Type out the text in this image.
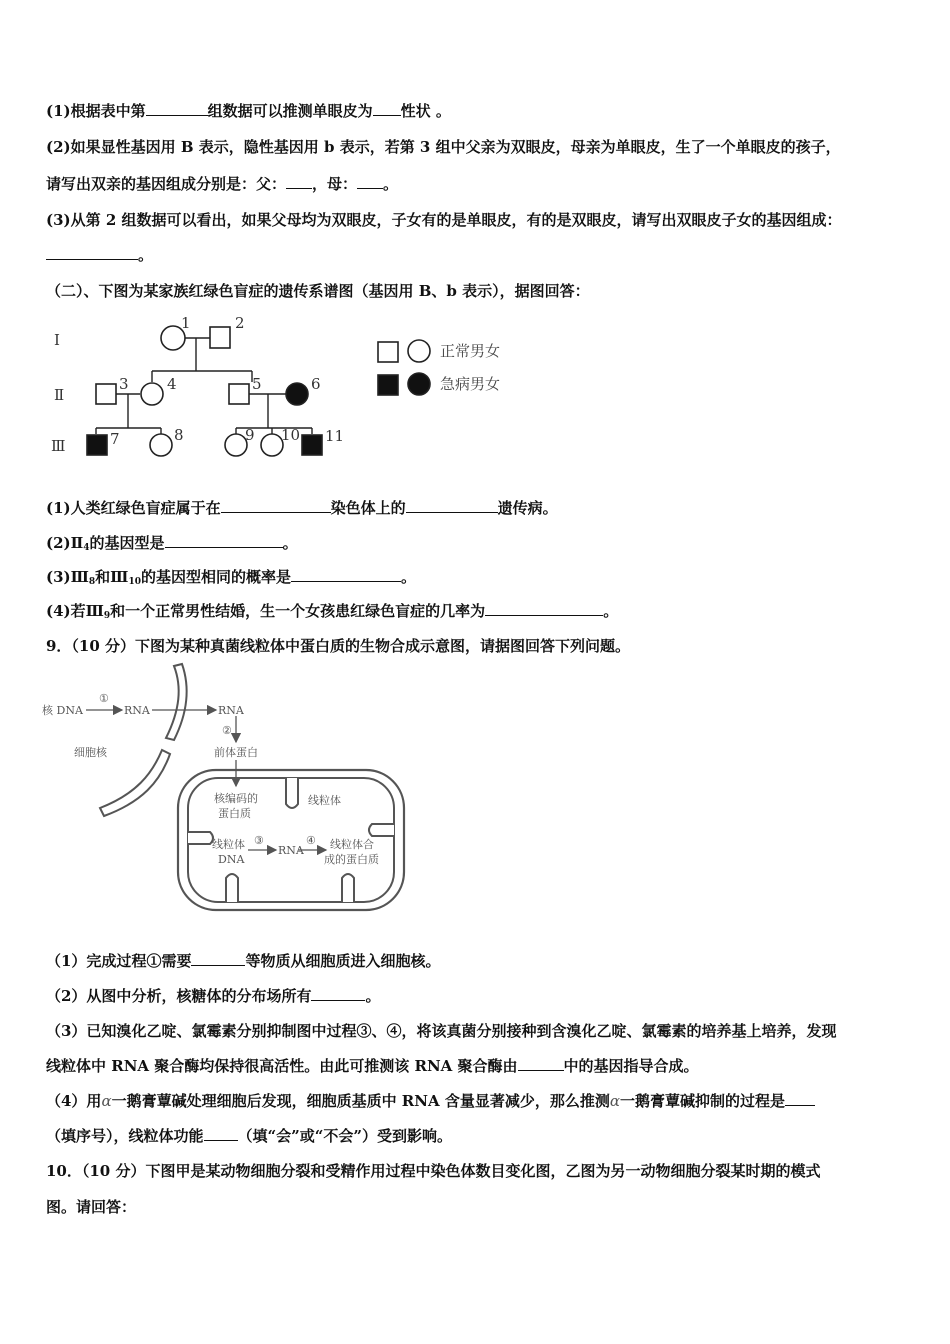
(1)根据表中第	组数据可以推测单眼皮为 性状 。
(2)如果显性基因用 B 表示，隐性基因用 b 表示，若第 3 组中父亲为双眼皮，母亲为单眼皮，生了一个单眼皮的孩子，
请写出双亲的基因组成分别是：父： ，母： 。
(3)从第 2 组数据可以看出，如果父母均为双眼皮，子女有的是单眼皮，有的是双眼皮，请写出双眼皮子女的基因组成：
。
（二）、下图为某家族红绿色盲症的遗传系谱图（基因用 B、b 表示），据图回答：
Ⅰ
Ⅱ
Ⅲ
1	2
3	4	5	6
7	8	9 10 11
正常男女
急病男女
(1)人类红绿色盲症属于在	染色体上的	遗传病。
$(2)Ⅱ_4$的基因型是	。
$(3)Ⅲ_8$和$Ⅲ_{10}$的基因型相同的概率是	。
(4)若$Ⅲ_9$和一个正常男性结婚，生一个女孩患红绿色盲症的几率为	。
9．（10 分）下图为某种真菌线粒体中蛋白质的生物合成示意图，请据图回答下列问题。
核 DNA	RNA	RNA
①
②
细胞核	前体蛋白
核编码的
蛋白质
线粒体
线粒体
DNA
③
RNA
④ 线粒体合
成的蛋白质
（1）完成过程①需要	等物质从细胞质进入细胞核。
（2）从图中分析，核糖体的分布场所有	。
（3）已知溴化乙啶、氯霉素分别抑制图中过程③、④，将该真菌分别接种到含溴化乙啶、氯霉素的培养基上培养，发现
线粒体中 RNA 聚合酶均保持很高活性。由此可推测该 RNA 聚合酶由	中的基因指导合成。
（4）用α一鹅膏蕈碱处理细胞后发现，细胞质基质中 RNA 含量显著减少，那么推测α一鹅膏蕈碱抑制的过程是
（填序号），线粒体功能 （填“会”或“不会”）受到影响。
10．（10 分）下图甲是某动物细胞分裂和受精作用过程中染色体数目变化图，乙图为另一动物细胞分裂某时期的模式
图。请回答：
